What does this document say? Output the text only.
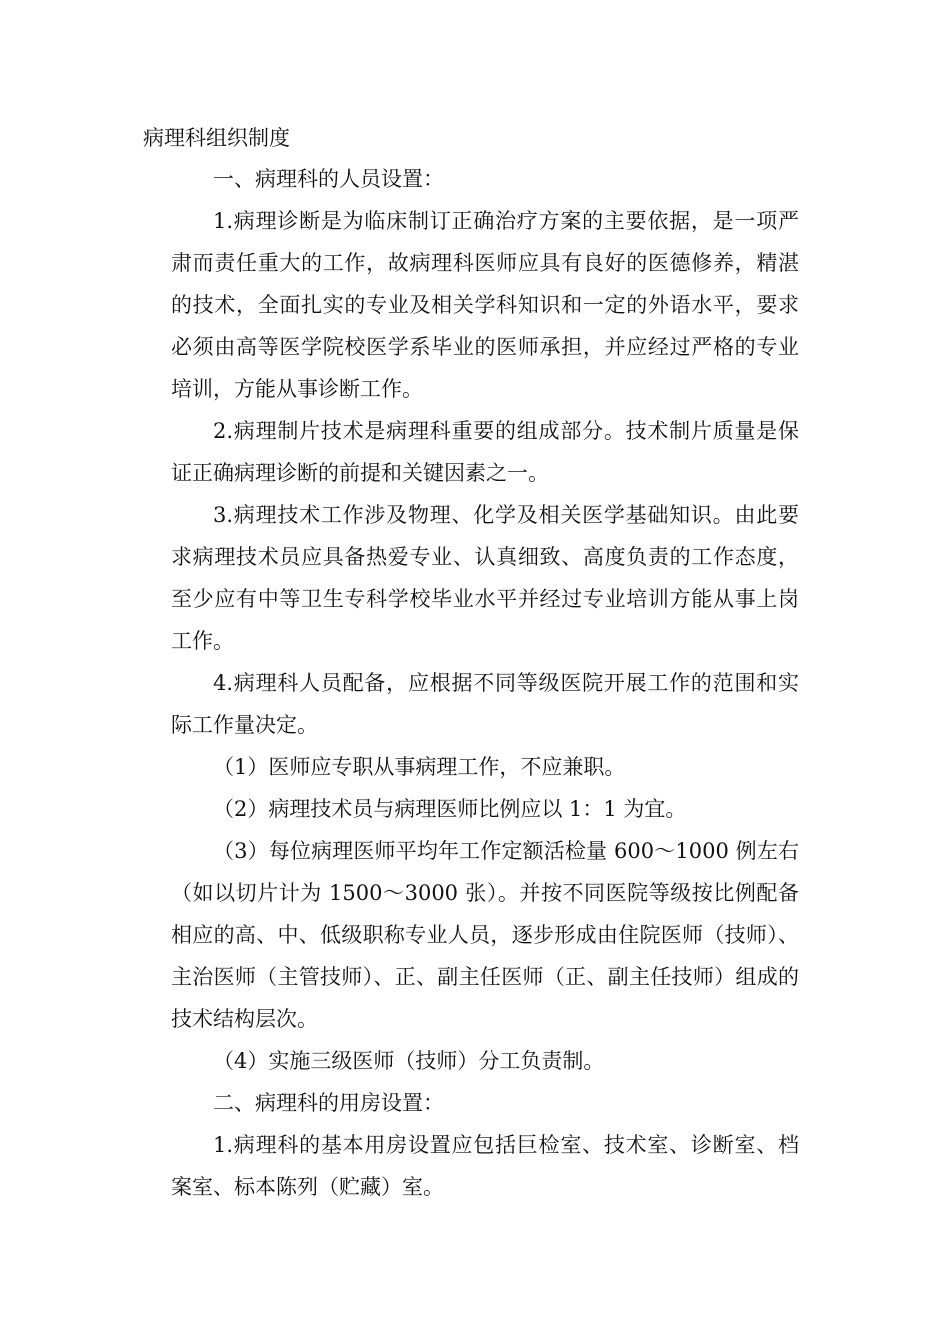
病理科组织制度

一、病理科的人员设置：

1.病理诊断是为临床制订正确治疗方案的主要依据，是一项严肃而责任重大的工作，故病理科医师应具有良好的医德修养，精湛的技术，全面扎实的专业及相关学科知识和一定的外语水平，要求必须由高等医学院校医学系毕业的医师承担，并应经过严格的专业培训，方能从事诊断工作。

2.病理制片技术是病理科重要的组成部分。技术制片质量是保证正确病理诊断的前提和关键因素之一。

3.病理技术工作涉及物理、化学及相关医学基础知识。由此要求病理技术员应具备热爱专业、认真细致、高度负责的工作态度，至少应有中等卫生专科学校毕业水平并经过专业培训方能从事上岗工作。

4.病理科人员配备，应根据不同等级医院开展工作的范围和实际工作量决定。

（1）医师应专职从事病理工作，不应兼职。

（2）病理技术员与病理医师比例应以 1：1 为宜。

（3）每位病理医师平均年工作定额活检量 600～1000 例左右（如以切片计为 1500～3000 张）。并按不同医院等级按比例配备相应的高、中、低级职称专业人员，逐步形成由住院医师（技师）、主治医师（主管技师）、正、副主任医师（正、副主任技师）组成的技术结构层次。

（4）实施三级医师（技师）分工负责制。

二、病理科的用房设置：

1.病理科的基本用房设置应包括巨检室、技术室、诊断室、档案室、标本陈列（贮藏）室。
